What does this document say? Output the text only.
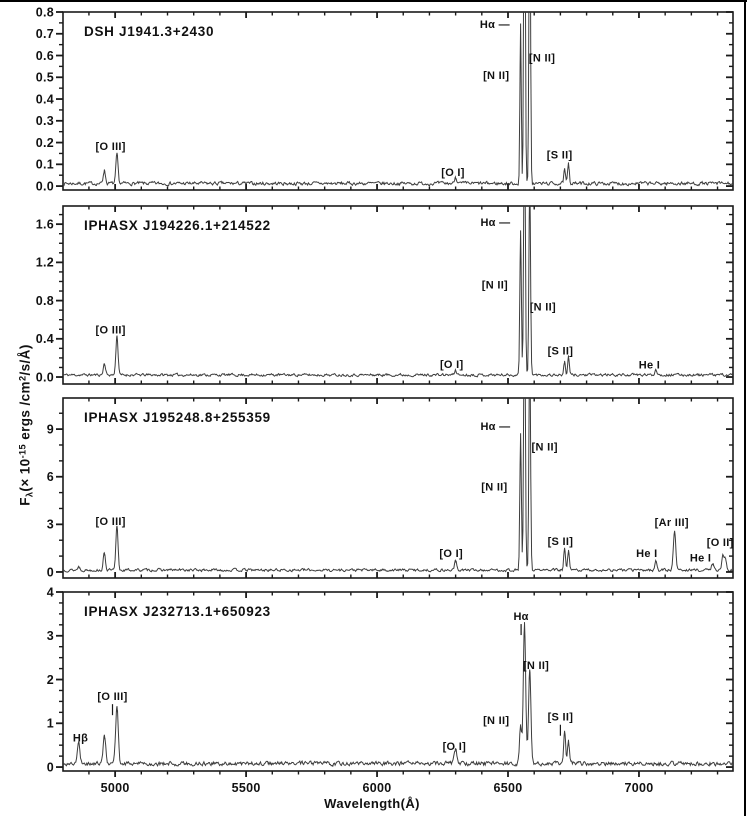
0.0
0.1
0.2
0.3
0.4
0.5
0.6
0.7
0.8
DSH J1941.3+2430
[O III]
[O I]
Hα —
[N II]
[N II]
[S II]
0.0
0.4
0.8
1.2
1.6 IPHASX J194226.1+214522
[O III]
[O I]
Hα —
[N II]
[N II]
[S II]
He I
0
3
6
9
IPHASX J195248.8+255359
[O III]
[O I]
Hα —
[N II]
[N II]
[S II]
He I
[Ar III]
He I
[O II]
0
1
2
3
4
IPHASX J232713.1+650923
Hβ
[O III]
[O I]
[N II]
Hα
[N II]
[S II]
5000	5500	6000	6500	7000
Wavelength(Å)
$F_\lambda(\times 10^{-15}$ ergs $/cm^2/s/Å$)
